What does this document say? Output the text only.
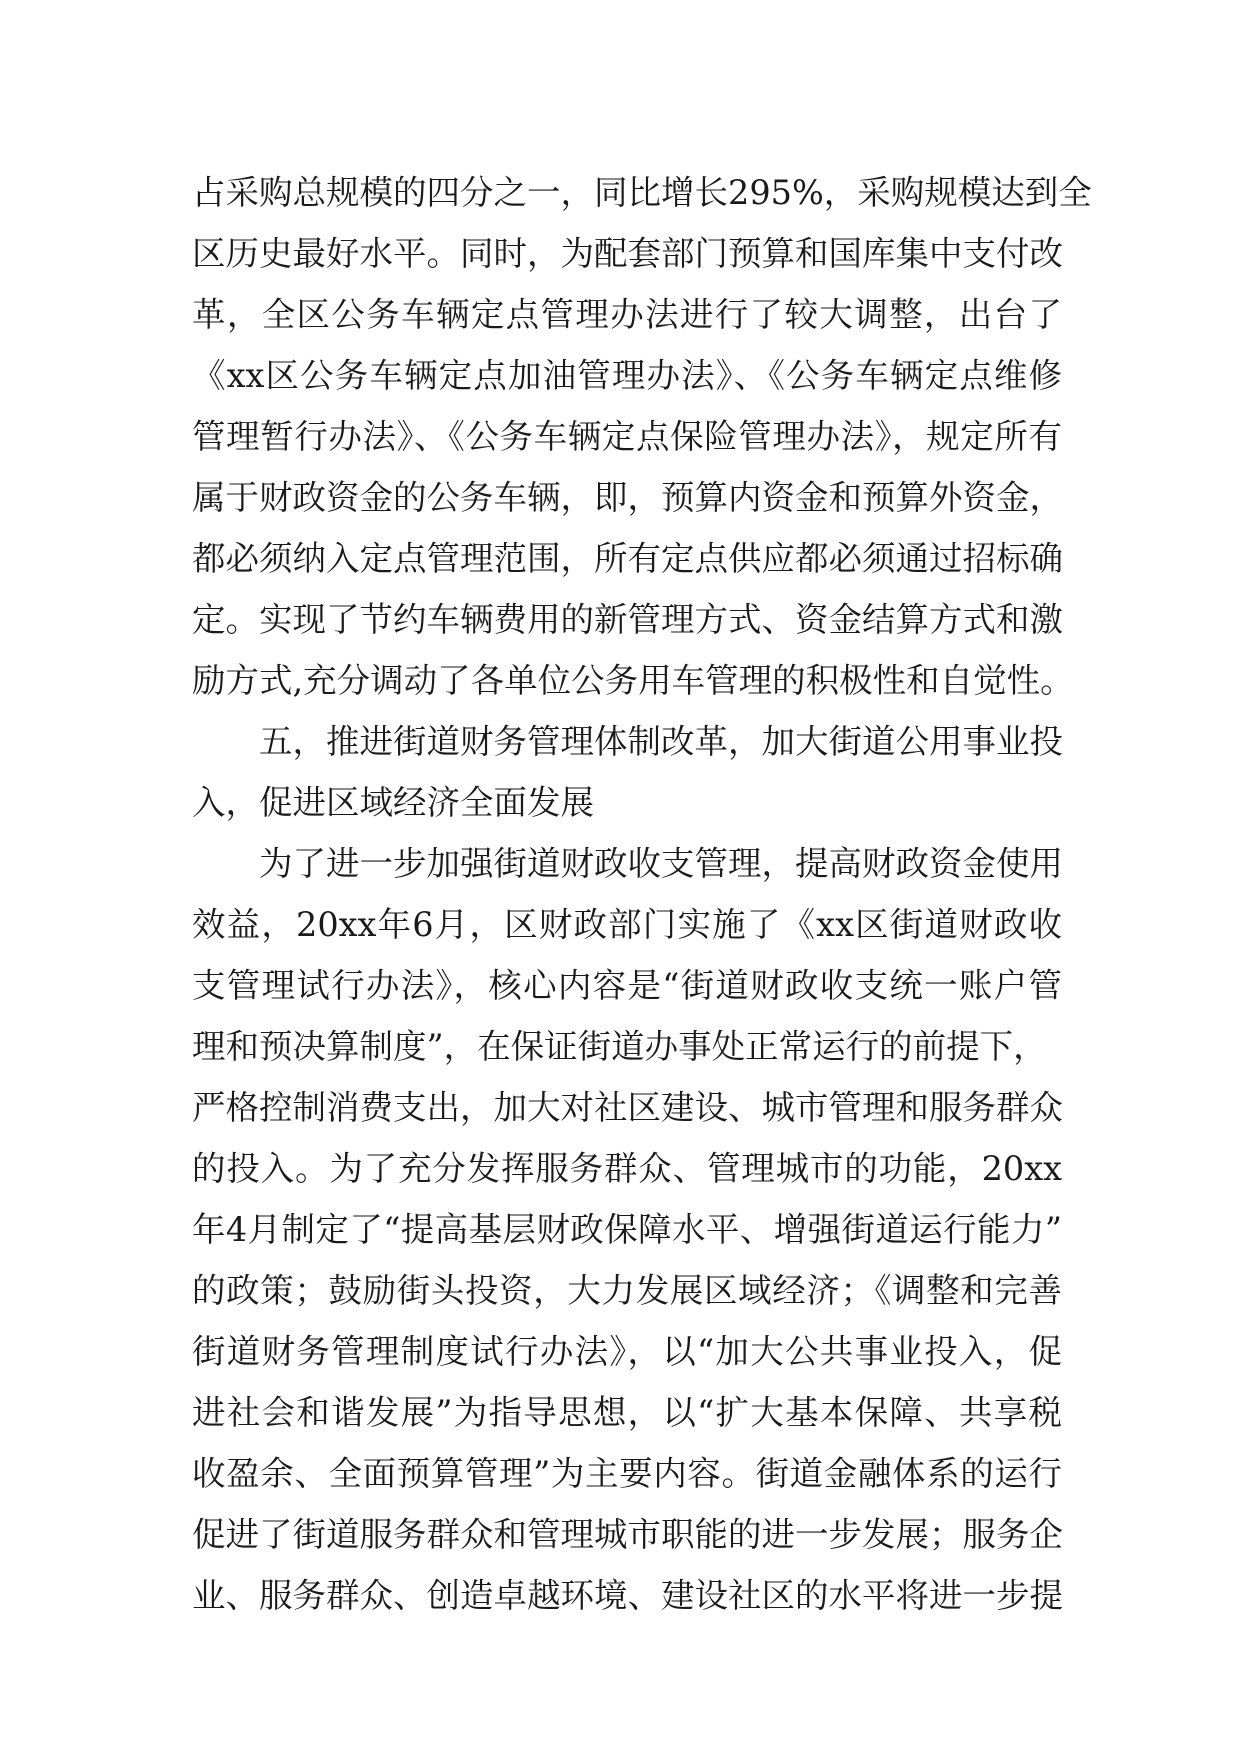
占采购总规模的四分之一，同比增长295%，采购规模达到全
区历史最好水平。同时，为配套部门预算和国库集中支付改
革，全区公务车辆定点管理办法进行了较大调整，出台了
《xx区公务车辆定点加油管理办法》、《公务车辆定点维修
管理暂行办法》、《公务车辆定点保险管理办法》，规定所有
属于财政资金的公务车辆，即，预算内资金和预算外资金，
都必须纳入定点管理范围，所有定点供应都必须通过招标确
定。实现了节约车辆费用的新管理方式、资金结算方式和激
励方式,充分调动了各单位公务用车管理的积极性和自觉性。
五，推进街道财务管理体制改革，加大街道公用事业投
入，促进区域经济全面发展
为了进一步加强街道财政收支管理，提高财政资金使用
效益，20xx年6月，区财政部门实施了《xx区街道财政收
支管理试行办法》，核心内容是“街道财政收支统一账户管
理和预决算制度”，在保证街道办事处正常运行的前提下，
严格控制消费支出，加大对社区建设、城市管理和服务群众
的投入。为了充分发挥服务群众、管理城市的功能，20xx
年4月制定了“提高基层财政保障水平、增强街道运行能力”
的政策；鼓励街头投资，大力发展区域经济；《调整和完善
街道财务管理制度试行办法》，以“加大公共事业投入，促
进社会和谐发展”为指导思想，以“扩大基本保障、共享税
收盈余、全面预算管理”为主要内容。街道金融体系的运行
促进了街道服务群众和管理城市职能的进一步发展；服务企
业、服务群众、创造卓越环境、建设社区的水平将进一步提
